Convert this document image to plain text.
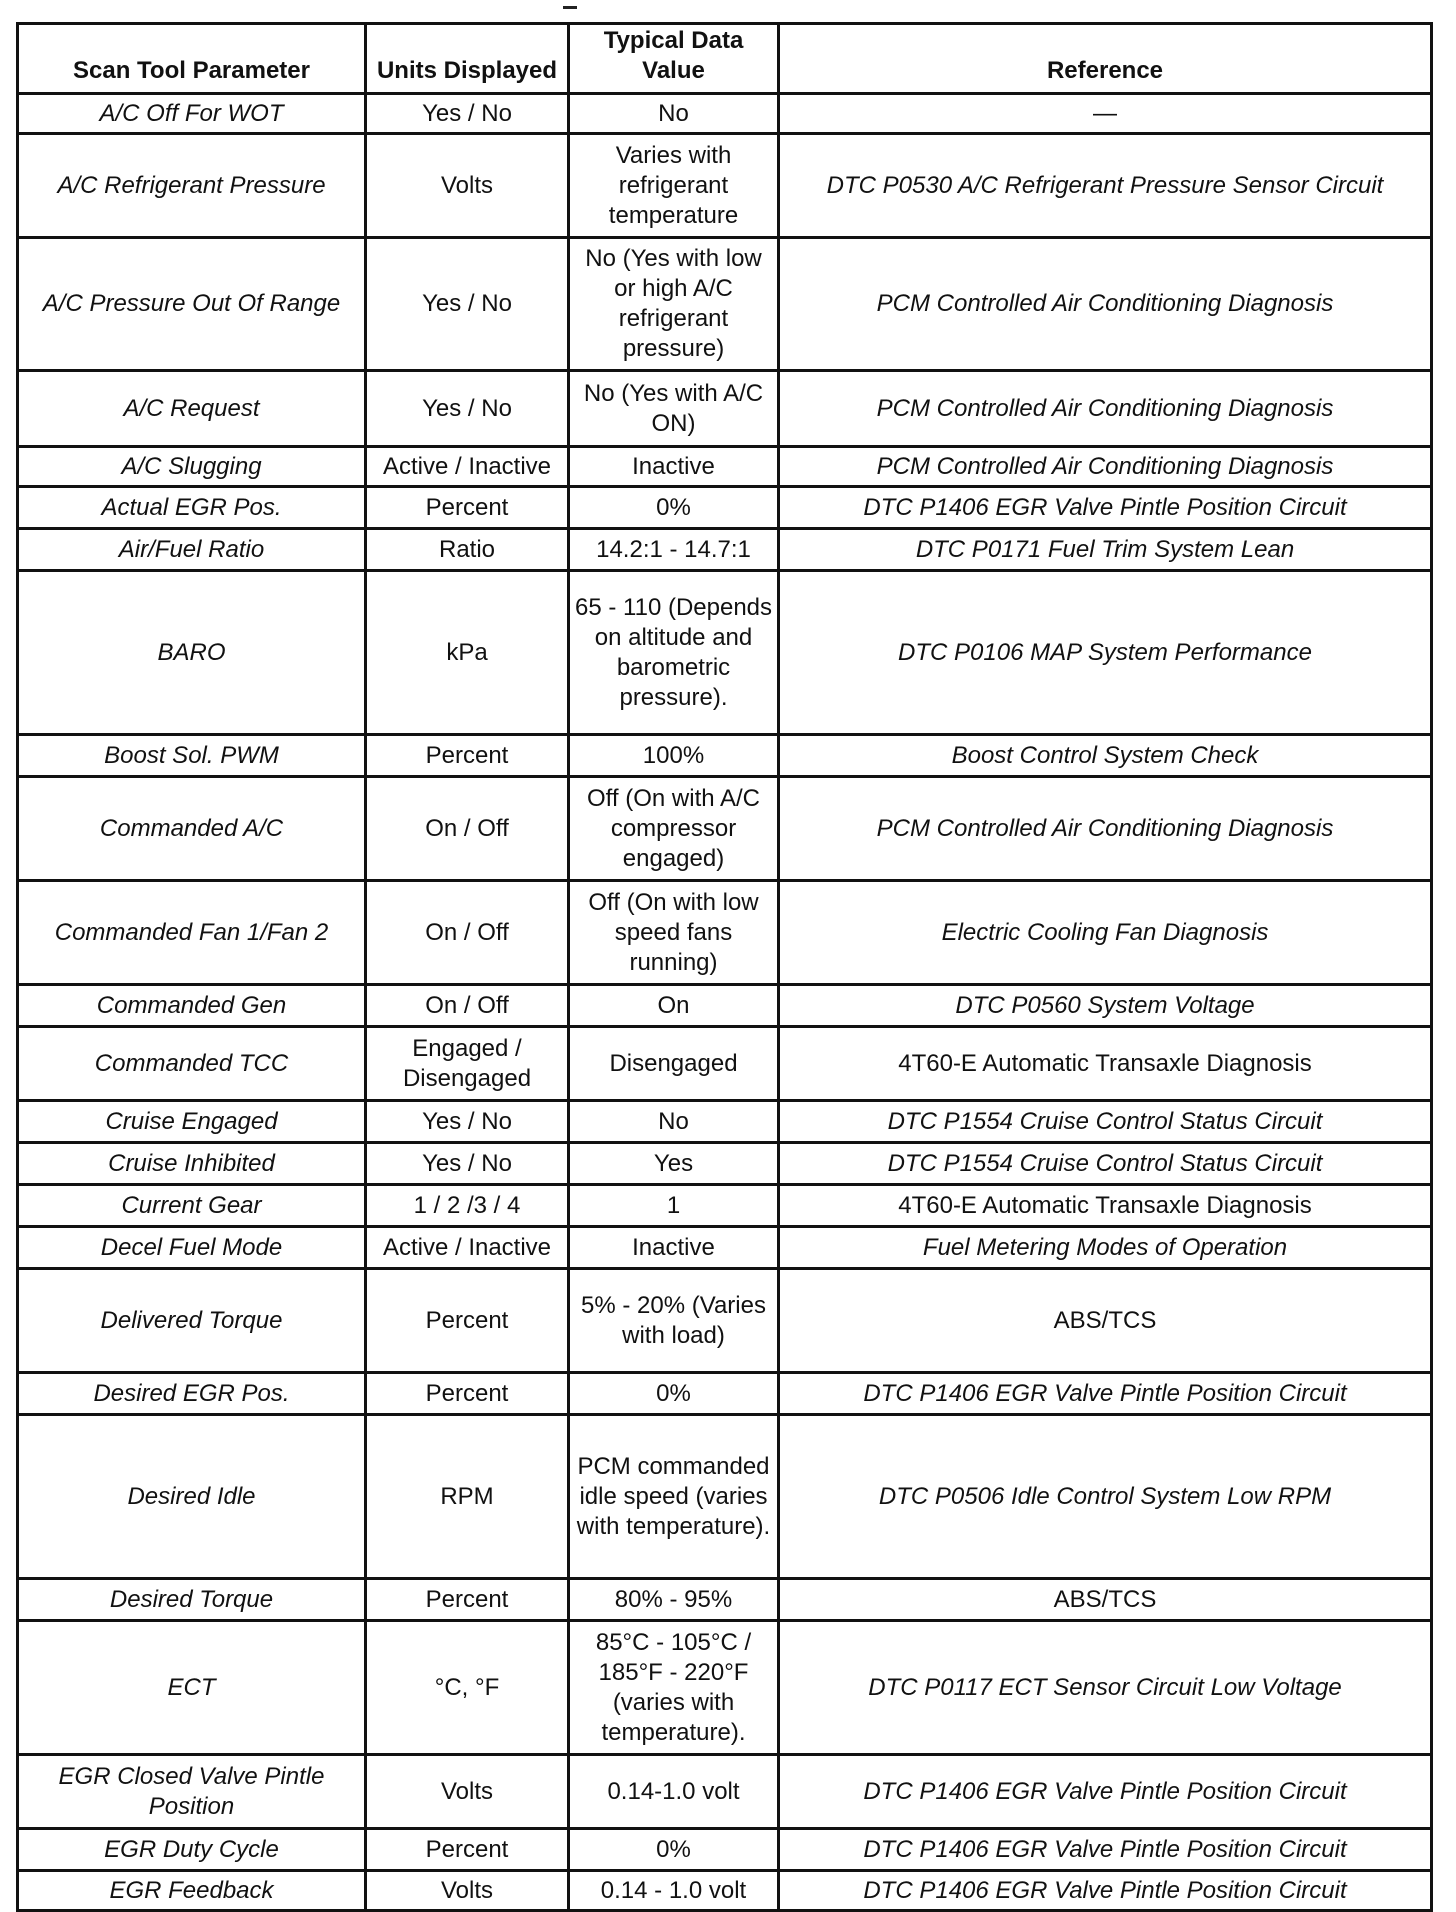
Scan Tool Parameter	Units Displayed	Typical Data Value	Reference
A/C Off For WOT	Yes / No	No	—
A/C Refrigerant Pressure	Volts	Varies with refrigerant temperature	DTC P0530 A/C Refrigerant Pressure Sensor Circuit
A/C Pressure Out Of Range	Yes / No	No (Yes with low or high A/C refrigerant pressure)	PCM Controlled Air Conditioning Diagnosis
A/C Request	Yes / No	No (Yes with A/C ON)	PCM Controlled Air Conditioning Diagnosis
A/C Slugging	Active / Inactive	Inactive	PCM Controlled Air Conditioning Diagnosis
Actual EGR Pos.	Percent	0%	DTC P1406 EGR Valve Pintle Position Circuit
Air/Fuel Ratio	Ratio	14.2:1 - 14.7:1	DTC P0171 Fuel Trim System Lean
BARO	kPa	65 - 110 (Depends on altitude and barometric pressure).	DTC P0106 MAP System Performance
Boost Sol. PWM	Percent	100%	Boost Control System Check
Commanded A/C	On / Off	Off (On with A/C compressor engaged)	PCM Controlled Air Conditioning Diagnosis
Commanded Fan 1/Fan 2	On / Off	Off (On with low speed fans running)	Electric Cooling Fan Diagnosis
Commanded Gen	On / Off	On	DTC P0560 System Voltage
Commanded TCC	Engaged / Disengaged	Disengaged	4T60-E Automatic Transaxle Diagnosis
Cruise Engaged	Yes / No	No	DTC P1554 Cruise Control Status Circuit
Cruise Inhibited	Yes / No	Yes	DTC P1554 Cruise Control Status Circuit
Current Gear	1 / 2 /3 / 4	1	4T60-E Automatic Transaxle Diagnosis
Decel Fuel Mode	Active / Inactive	Inactive	Fuel Metering Modes of Operation
Delivered Torque	Percent	5% - 20% (Varies with load)	ABS/TCS
Desired EGR Pos.	Percent	0%	DTC P1406 EGR Valve Pintle Position Circuit
Desired Idle	RPM	PCM commanded idle speed (varies with temperature).	DTC P0506 Idle Control System Low RPM
Desired Torque	Percent	80% - 95%	ABS/TCS
ECT	°C, °F	85°C - 105°C / 185°F - 220°F (varies with temperature).	DTC P0117 ECT Sensor Circuit Low Voltage
EGR Closed Valve Pintle Position	Volts	0.14-1.0 volt	DTC P1406 EGR Valve Pintle Position Circuit
EGR Duty Cycle	Percent	0%	DTC P1406 EGR Valve Pintle Position Circuit
EGR Feedback	Volts	0.14 - 1.0 volt	DTC P1406 EGR Valve Pintle Position Circuit
